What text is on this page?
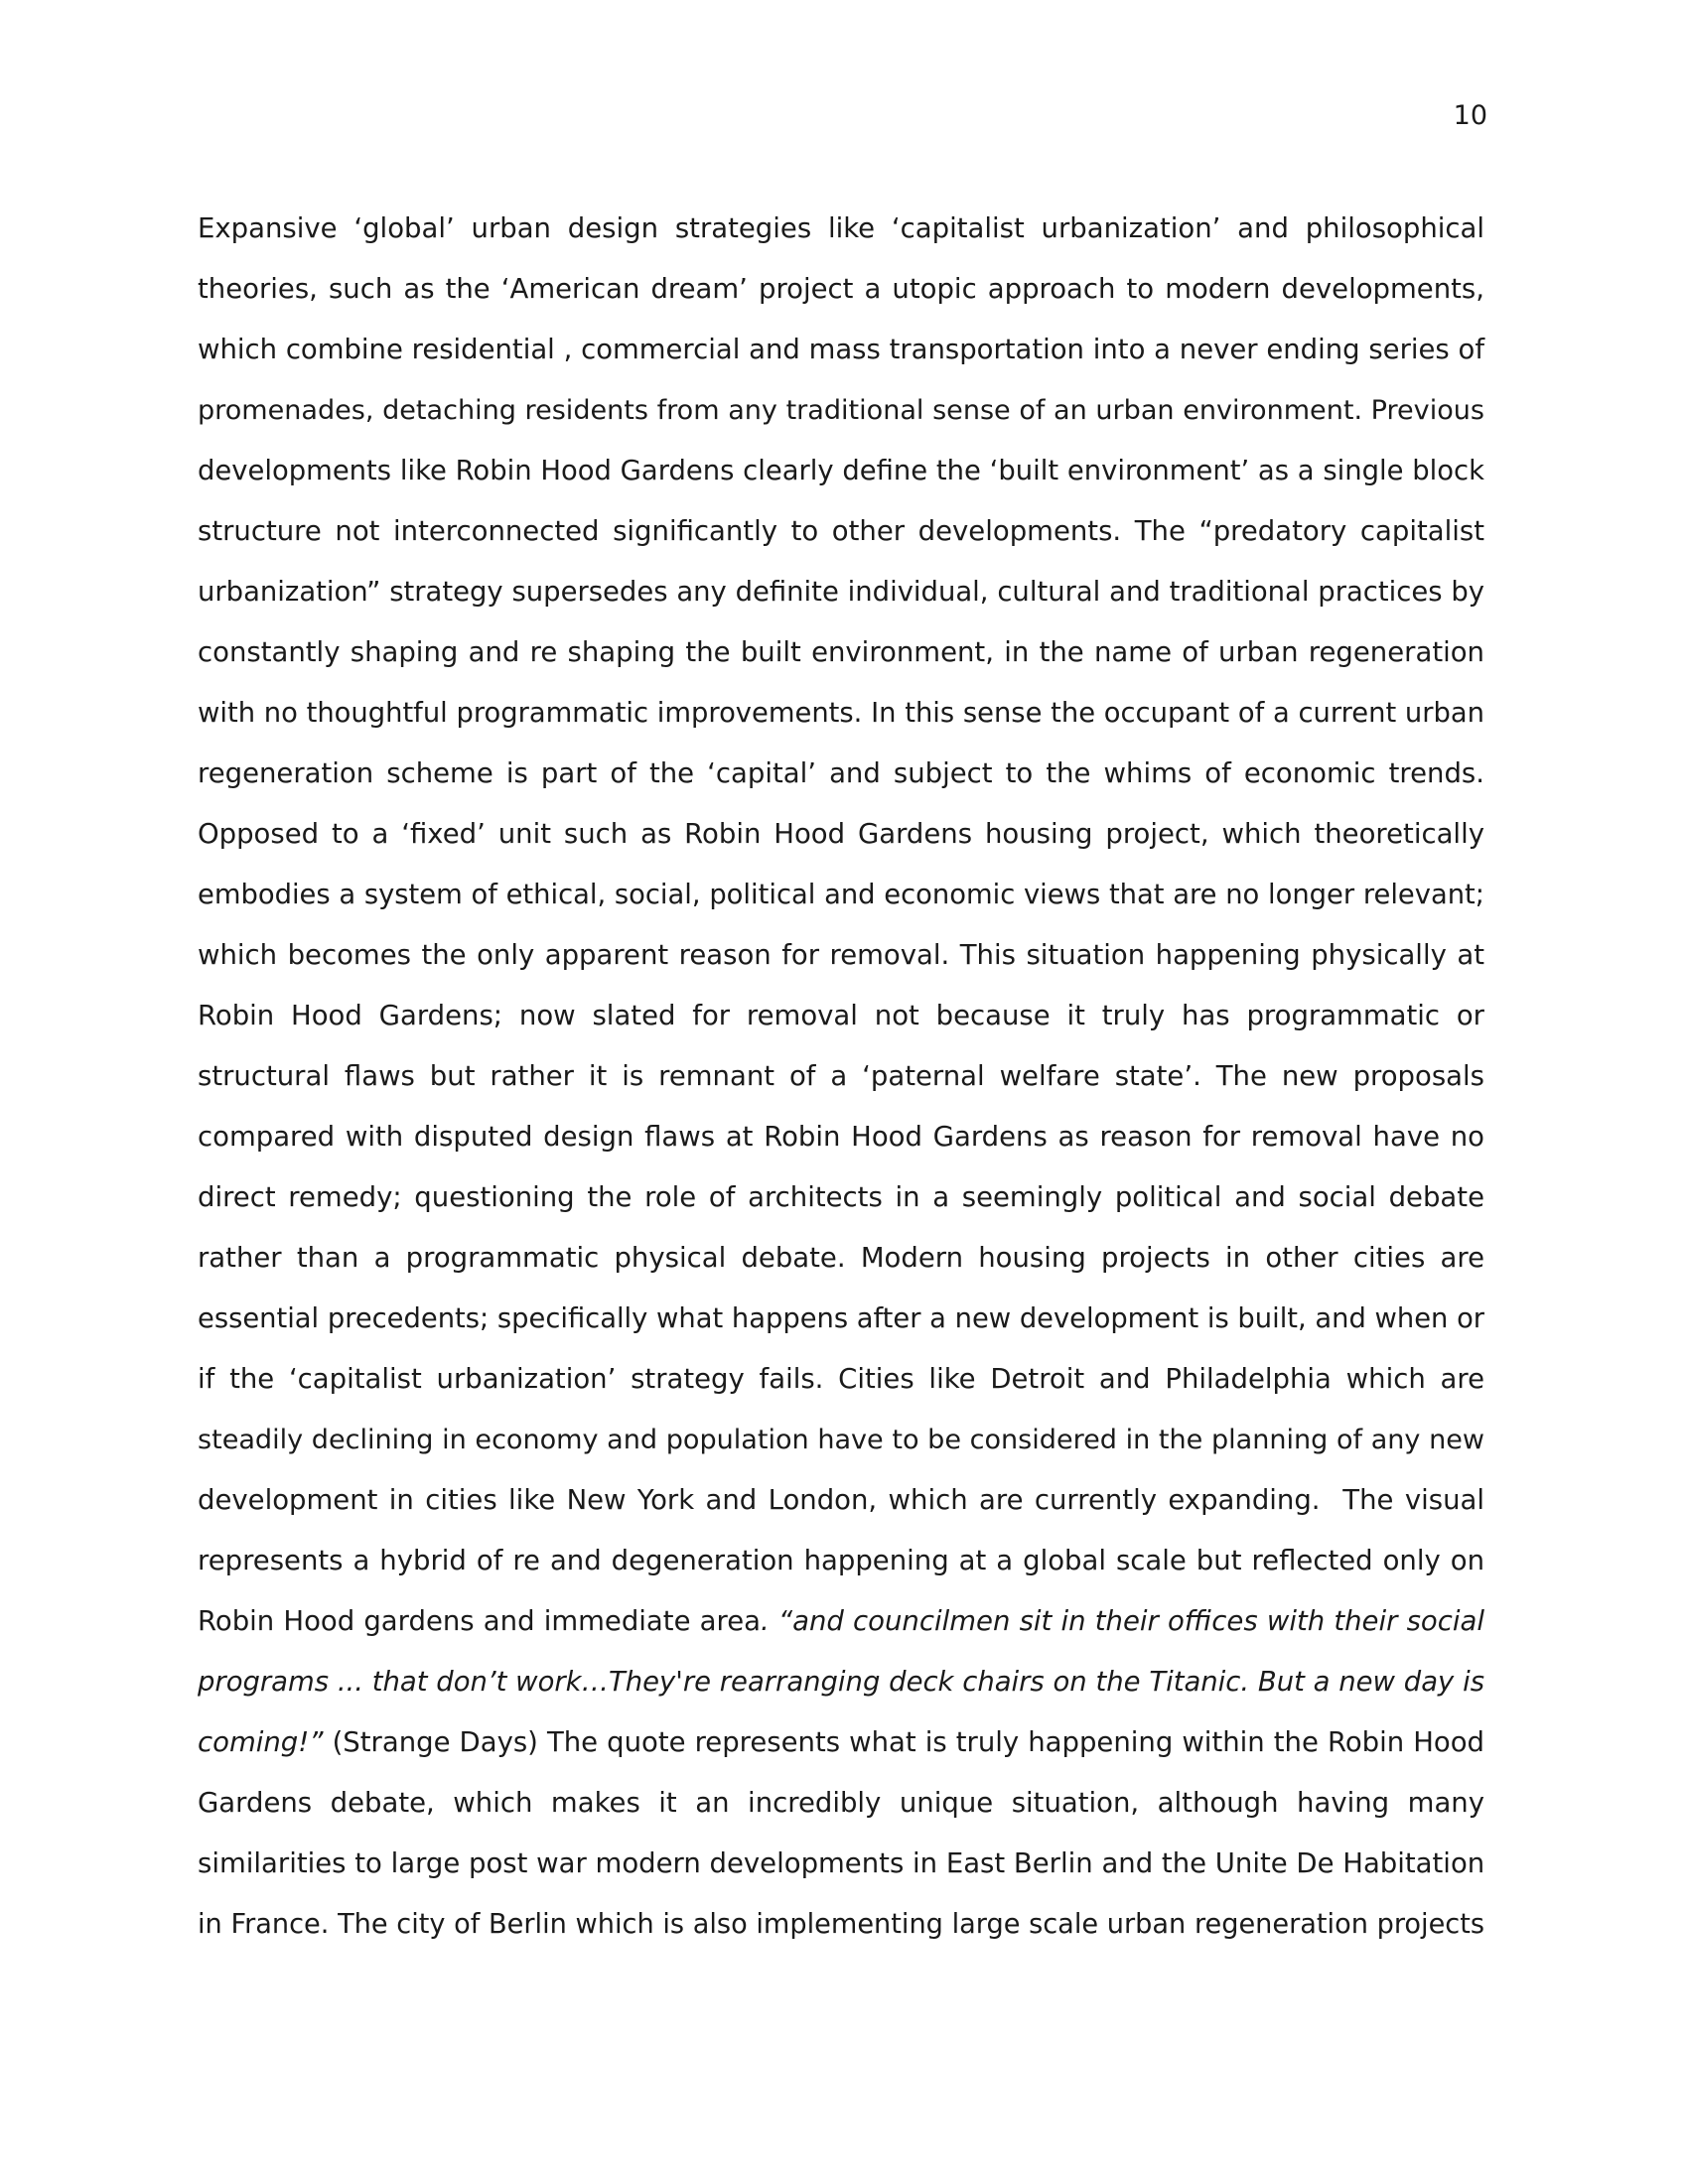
10

Expansive ‘global’ urban design strategies like ‘capitalist urbanization’ and philosophical
theories, such as the ‘American dream’ project a utopic approach to modern developments,
which combine residential , commercial and mass transportation into a never ending series of
promenades, detaching residents from any traditional sense of an urban environment. Previous
developments like Robin Hood Gardens clearly define the ‘built environment’ as a single block
structure not interconnected significantly to other developments. The “predatory capitalist
urbanization” strategy supersedes any definite individual, cultural and traditional practices by
constantly shaping and re shaping the built environment, in the name of urban regeneration
with no thoughtful programmatic improvements. In this sense the occupant of a current urban
regeneration scheme is part of the ‘capital’ and subject to the whims of economic trends.
Opposed to a ‘fixed’ unit such as Robin Hood Gardens housing project, which theoretically
embodies a system of ethical, social, political and economic views that are no longer relevant;
which becomes the only apparent reason for removal. This situation happening physically at
Robin Hood Gardens; now slated for removal not because it truly has programmatic or
structural flaws but rather it is remnant of a ‘paternal welfare state’. The new proposals
compared with disputed design flaws at Robin Hood Gardens as reason for removal have no
direct remedy; questioning the role of architects in a seemingly political and social debate
rather than a programmatic physical debate. Modern housing projects in other cities are
essential precedents; specifically what happens after a new development is built, and when or
if the ‘capitalist urbanization’ strategy fails. Cities like Detroit and Philadelphia which are
steadily declining in economy and population have to be considered in the planning of any new
development in cities like New York and London, which are currently expanding.  The visual
represents a hybrid of re and degeneration happening at a global scale but reflected only on
Robin Hood gardens and immediate area. “and councilmen sit in their offices with their social
programs ... that don’t work…They're rearranging deck chairs on the Titanic. But a new day is
coming!” (Strange Days) The quote represents what is truly happening within the Robin Hood
Gardens debate, which makes it an incredibly unique situation, although having many
similarities to large post war modern developments in East Berlin and the Unite De Habitation
in France. The city of Berlin which is also implementing large scale urban regeneration projects
